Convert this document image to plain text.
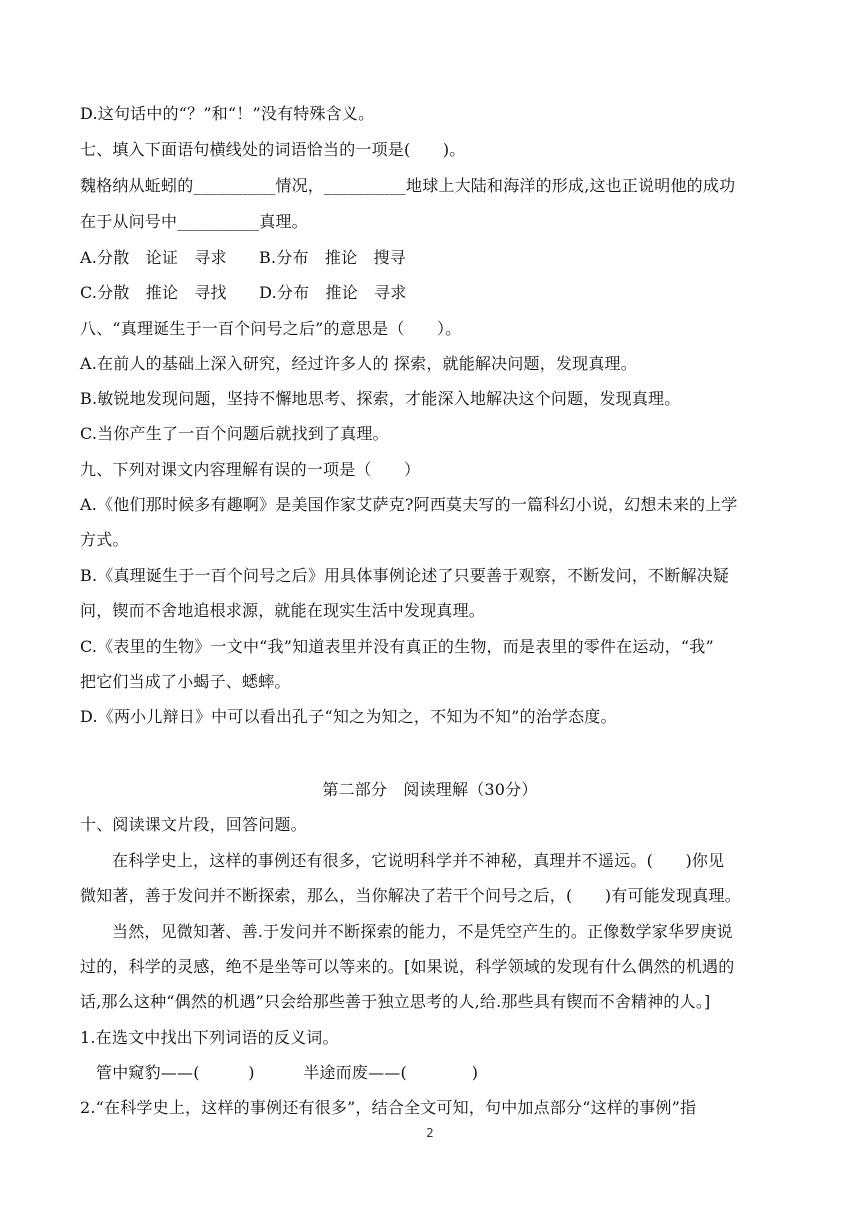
D.这句话中的“？”和“！”没有特殊含义。
七、填入下面语句横线处的词语恰当的一项是(　　)。
魏格纳从蚯蚓的__________情况，__________地球上大陆和海洋的形成,这也正说明他的成功
在于从问号中__________真理。
A.分散　论证　寻求　　B.分布　推论　搜寻
C.分散　推论　寻找　　D.分布　推论　寻求
八、“真理诞生于一百个问号之后”的意思是（　　）。
A.在前人的基础上深入研究，经过许多人的 探索，就能解决问题，发现真理。
B.敏锐地发现问题，坚持不懈地思考、探索，才能深入地解决这个问题，发现真理。
C.当你产生了一百个问题后就找到了真理。
九、下列对课文内容理解有误的一项是（　　）
A.《他们那时候多有趣啊》是美国作家艾萨克?阿西莫夫写的一篇科幻小说，幻想未来的上学
方式。
B.《真理诞生于一百个问号之后》用具体事例论述了只要善于观察，不断发问，不断解决疑
问，锲而不舍地追根求源，就能在现实生活中发现真理。
C.《表里的生物》一文中“我”知道表里并没有真正的生物，而是表里的零件在运动，“我”
把它们当成了小蝎子、蟋蟀。
D.《两小儿辩日》中可以看出孔子“知之为知之，不知为不知”的治学态度。
第二部分　阅读理解（30分）
十、阅读课文片段，回答问题。
在科学史上，这样的事例还有很多，它说明科学并不神秘，真理并不遥远。(　　)你见
微知著，善于发问并不断探索，那么，当你解决了若干个问号之后，(　　)有可能发现真理。
当然，见微知著、善.于发问并不断探索的能力，不是凭空产生的。正像数学家华罗庚说
过的，科学的灵感，绝不是坐等可以等来的。[如果说，科学领域的发现有什么偶然的机遇的
话,那么这种“偶然的机遇”只会给那些善于独立思考的人,给.那些具有锲而不舍精神的人。]
1.在选文中找出下列词语的反义词。
管中窥豹——(　　　)　　　半途而废——(　　　　)
2.“在科学史上，这样的事例还有很多”，结合全文可知，句中加点部分“这样的事例”指
2
